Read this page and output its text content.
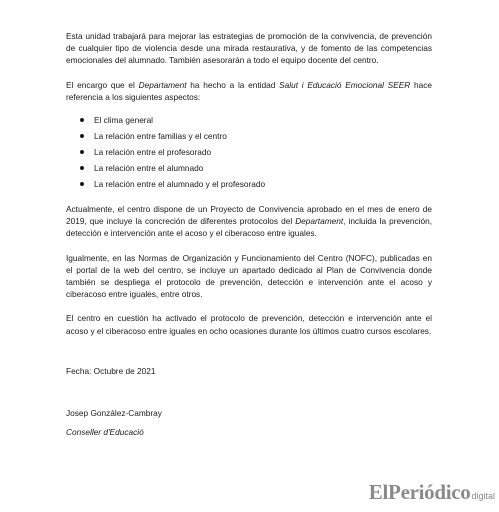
Esta unidad trabajará para mejorar las estrategias de promoción de la convivencia, de prevención de cualquier tipo de violencia desde una mirada restaurativa, y de fomento de las competencias emocionales del alumnado. También asesorarán a todo el equipo docente del centro.

El encargo que el Departament ha hecho a la entidad Salut i Educació Emocional SEER hace referencia a los siguientes aspectos:

El clima general
La relación entre familias y el centro
La relación entre el profesorado
La relación entre el alumnado
La relación entre el alumnado y el profesorado

Actualmente, el centro dispone de un Proyecto de Convivencia aprobado en el mes de enero de 2019, que incluye la concreción de diferentes protocolos del Departament, incluida la prevención, detección e intervención ante el acoso y el ciberacoso entre iguales.

Igualmente, en las Normas de Organización y Funcionamiento del Centro (NOFC), publicadas en el portal de la web del centro, se incluye un apartado dedicado al Plan de Convivencia donde también se despliega el protocolo de prevención, detección e intervención ante el acoso y ciberacoso entre iguales, entre otros.

El centro en cuestión ha activado el protocolo de prevención, detección e intervención ante el acoso y el ciberacoso entre iguales en ocho ocasiones durante los últimos cuatro cursos escolares.

Fecha: Octubre de 2021
Josep González-Cambray
Conseller d'Educació
ElPeriódicodigital
